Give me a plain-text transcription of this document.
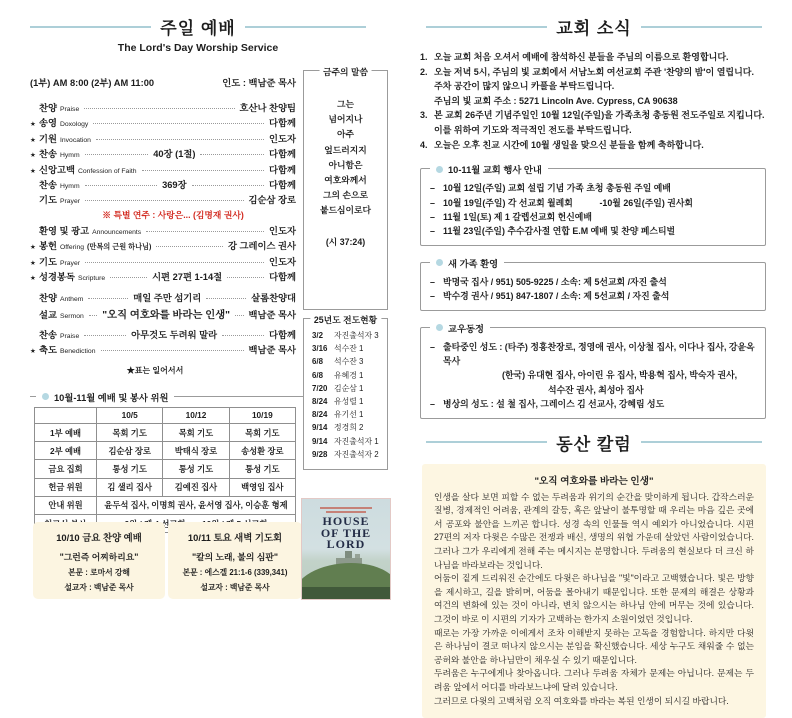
주일 예배
The Lord's Day Worship Service
(1부) AM 8:00 (2부) AM 11:00	인도 : 백남준 목사
찬양 Praise	호산나 찬양팀
★ 송영 Doxology	다함께
★ 기원 Invocation	인도자
★ 찬송 Hymm	40장 (1절)	다함께
★ 신앙고백 Confession of Faith	다함께
찬송 Hymm	369장	다함께
기도 Prayer	김순삼 장로
※ 특별 연주 : 사랑은... (김명재 권사)
환영 및 광고 Announcements	인도자
★ 봉헌 Offering (만복의 근원 하나님)	강 그레이스 권사
★ 기도 Prayer	인도자
★ 성경봉독 Scripture	시편 27편 1-14절	다함께
찬양 Anthem	매일 주만 섬기리	살롬찬양대
설교 Sermon "오직 여호와를 바라는 인생" 백남준 목사
찬송 Praise	아무것도 두려워 말라	다함께
★ 축도 Benediction	백남준 목사
★표는 일어서서
10월-11월 예배 및 봉사 위원
	10/5	10/12	10/19
1부 예배	목회 기도	목회 기도	목회 기도
2부 예배	김순삼 장로	박태식 장로	송성환 장로
금요 집회	통성 기도	통성 기도	통성 기도
헌금 위원	김 샐리 집사	김예진 집사	백영임 집사
안내 위원	윤두석 집사, 이명희 권사, 윤서영 집사, 이승훈 형제		

10/10 금요 찬양 예배
"그런즉 어찌하리요"
본문 : 로마서 강해
설교자 : 백남준 목사
10/11 토요 새벽 기도회
"칼의 노래, 불의 심판"
본문 : 에스겔 21:1-6 (339,341)
설교자 : 백남준 목사
HOUSE
OF THE
LORD
금주의 말씀
그는
넘어지나
아주
엎드러지지
아니함은
여호와께서
그의 손으로
붙드심이로다
(시 37:24)
25년도 전도현황
3/2	자진출석자 3
3/16 석수잔 1
6/8	석수잔 3
6/8	유혜경 1
7/20 김순삼 1
8/24 유성렬 1
8/24 유기선 1
9/14 정경희 2
9/14 자진출석자 1
9/28 자진출석자 2
교회 소식
1. 오늘 교회 처음 오셔서 예배에 참석하신 분들을 주님의 이름으로 환영합니다.
2. 오늘 저녁 5시, 주님의 빛 교회에서 서남노회 여선교회 주관 '찬양의 밤'이 열립니다.
주차 공간이 많지 않으니 카풀을 부탁드립니다.
주님의 빛 교회 주소 : 5271 Lincoln Ave. Cypress, CA 90638
3. 본 교회 26주년 기념주일인 10월 12일(주일)을 가족초청 총동원 전도주일로 지킵니다.
이를 위하여 기도와 적극적인 전도를 부탁드립니다.
4. 오늘은 오후 친교 시간에 10월 생일을 맞으신 분들을 함께 축하합니다.
10-11월 교회 행사 안내
– 10월 12일(주일) 교회 설립 기념 가족 초청 총동원 주일 예배
– 10월 19일(주일) 각 선교회 월례회　　　-10월 26일(주일) 권사회
– 11월 1일(토) 제 1 갈렙선교회 헌신예배
– 11월 23일(주일) 추수감사절 연합 E.M 예배 및 찬양 페스티벌
새 가족 환영
– 박명국 집사 / 951) 505-9225 / 소속: 제 5선교회 /자진 출석
– 박수경 권사 / 951) 847-1807 / 소속: 제 5선교회 / 자진 출석
교우동정
– 출타중인 성도 : (타주) 정홍찬장로, 정영애 권사, 이상철 집사, 이다나 집사, 강윤옥 목사
(한국) 유대현 집사, 아이린 유 집사, 박용혁 집사, 박숙자 권사,
석수잔 권사, 최성아 집사
– 병상의 성도 : 설 철 집사, 그레이스 김 선교사, 강혜림 성도
동산 칼럼
"오직 여호와를 바라는 인생"

인생을 살다 보면 피할 수 없는 두려움과 위기의 순간을 맞이하게 됩니다. 갑작스러운 질병, 경제적인 어려움, 관계의 갈등, 혹은 앞날이 불투명할 때 우리는 마음 깊은 곳에서 공포와 불안을 느끼곤 합니다. 성경 속의 인물들 역시 예외가 아니었습니다. 시편 27편의 저자 다윗은 수많은 전쟁과 배신, 생명의 위협 가운데 살았던 사람이었습니다. 그러나 그가 우리에게 전해 주는 메시지는 분명합니다. 두려움의 현실보다 더 크신 하나님을 바라보라는 것입니다.

어둠이 짙게 드리워진 순간에도 다윗은 하나님을 "빛"이라고 고백했습니다. 빛은 방향을 제시하고, 길을 밝히며, 어둠을 몰아내기 때문입니다. 또한 문제의 해결은 상황과 여건의 변화에 있는 것이 아니라, 변치 않으시는 하나님 안에 머무는 것에 있습니다. 그것이 바로 이 시편의 기자가 고백하는 한가지 소원이었던 것입니다.

때로는 가장 가까운 이에게서 조차 이해받지 못하는 고독을 경험합니다. 하지만 다윗은 하나님이 결코 떠나지 않으시는 분임을 확신했습니다. 세상 누구도 채워줄 수 없는 공허와 불안을 하나님만이 채우실 수 있기 때문입니다.

두려움은 누구에게나 찾아옵니다. 그러나 두려움 자체가 문제는 아닙니다. 문제는 두려움 앞에서 어디를 바라보느냐에 달려 있습니다.

그러므로 다윗의 고백처럼 오직 여호와를 바라는 복된 인생이 되시길 바랍니다.
